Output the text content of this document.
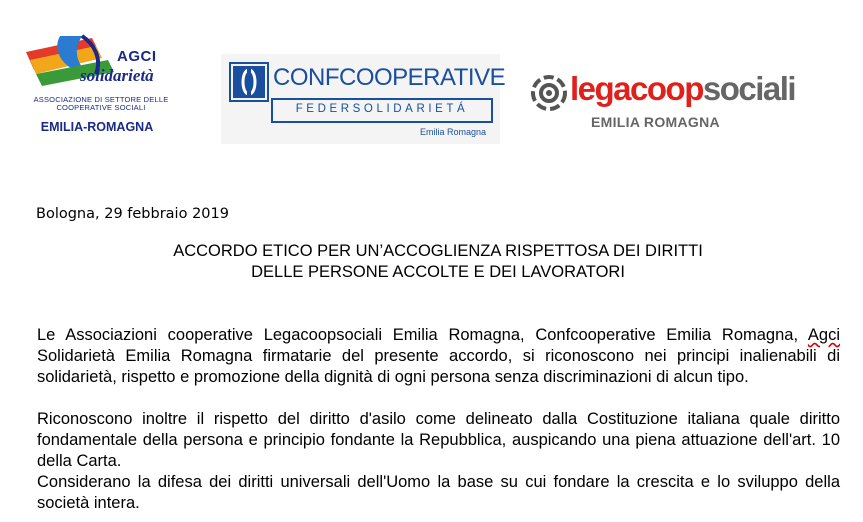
AGCI
solidarietà
ASSOCIAZIONE DI SETTORE DELLE COOPERATIVE SOCIALI
EMILIA-ROMAGNA
CONFCOOPERATIVE
FEDERSOLIDARIETÁ
Emilia Romagna
legacoopsociali
EMILIA ROMAGNA
Bologna, 29 febbraio 2019
ACCORDO ETICO PER UN’ACCOGLIENZA RISPETTOSA DEI DIRITTI
DELLE PERSONE ACCOLTE E DEI LAVORATORI
Le Associazioni cooperative Legacoopsociali Emilia Romagna, Confcooperative Emilia Romagna, Agci Solidarietà Emilia Romagna firmatarie del presente accordo, si riconoscono nei principi inalienabili di solidarietà, rispetto e promozione della dignità di ogni persona senza discriminazioni di alcun tipo.
Riconoscono inoltre il rispetto del diritto d'asilo come delineato dalla Costituzione italiana quale diritto fondamentale della persona e principio fondante la Repubblica, auspicando una piena attuazione dell'art. 10 della Carta.
Considerano la difesa dei diritti universali dell'Uomo la base su cui fondare la crescita e lo sviluppo della società intera.
